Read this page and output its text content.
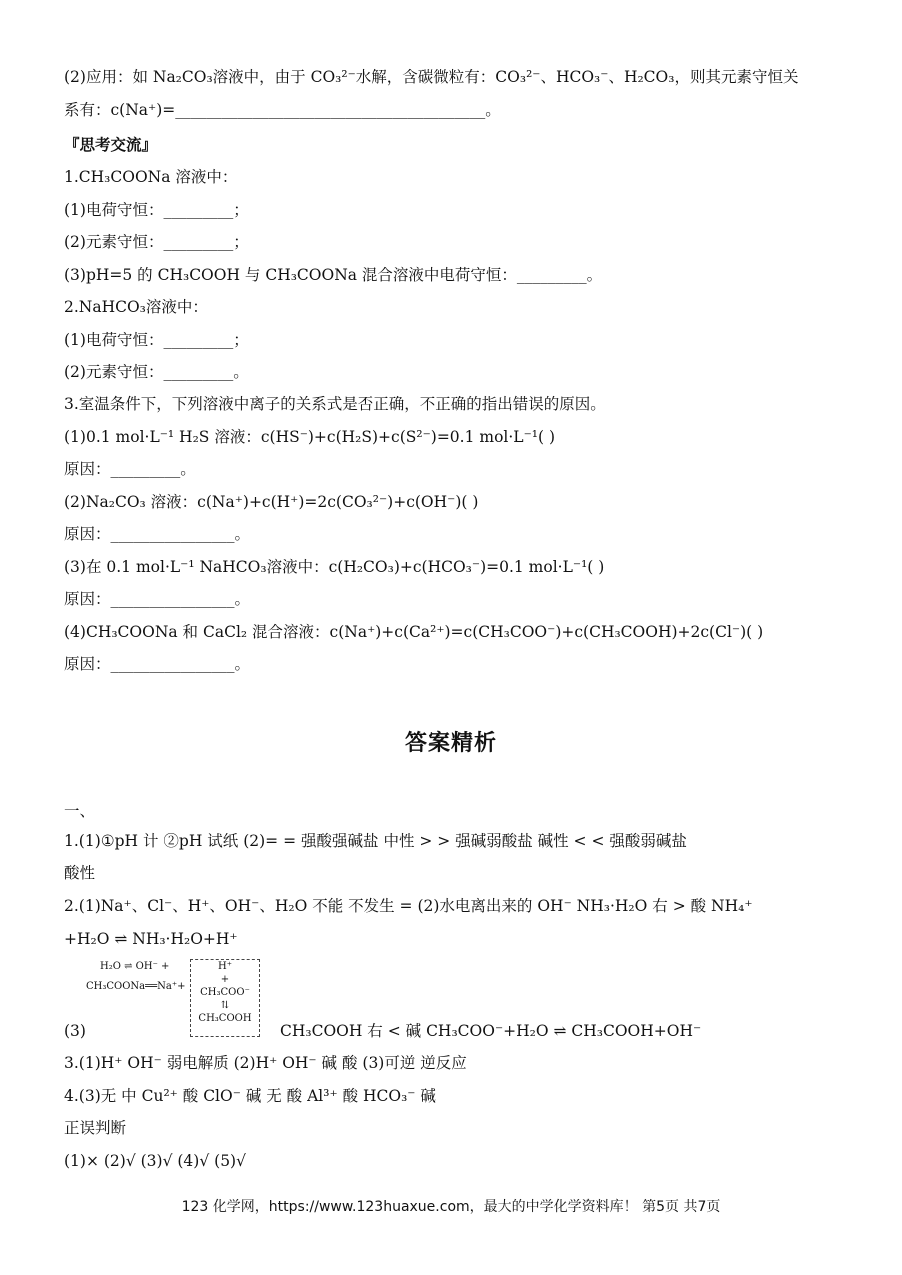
(2)应用：如 Na₂CO₃溶液中，由于 CO₃²⁻水解，含碳微粒有：CO₃²⁻、HCO₃⁻、H₂CO₃，则其元素守恒关
系有：c(Na⁺)=________________________________________。
『思考交流』
1.CH₃COONa 溶液中：
(1)电荷守恒：_________；
(2)元素守恒：_________；
(3)pH=5 的 CH₃COOH 与 CH₃COONa 混合溶液中电荷守恒：_________。
2.NaHCO₃溶液中：
(1)电荷守恒：_________；
(2)元素守恒：_________。
3.室温条件下，下列溶液中离子的关系式是否正确，不正确的指出错误的原因。
(1)0.1 mol·L⁻¹ H₂S 溶液：c(HS⁻)+c(H₂S)+c(S²⁻)=0.1 mol·L⁻¹( )
原因：_________。
(2)Na₂CO₃ 溶液：c(Na⁺)+c(H⁺)=2c(CO₃²⁻)+c(OH⁻)( )
原因：________________。
(3)在 0.1 mol·L⁻¹ NaHCO₃溶液中：c(H₂CO₃)+c(HCO₃⁻)=0.1 mol·L⁻¹( )
原因：________________。
(4)CH₃COONa 和 CaCl₂ 混合溶液：c(Na⁺)+c(Ca²⁺)=c(CH₃COO⁻)+c(CH₃COOH)+2c(Cl⁻)( )
原因：________________。
答案精析
一、
1.(1)①pH 计 ②pH 试纸 (2)= = 强酸强碱盐 中性 > > 强碱弱酸盐 碱性 < < 强酸弱碱盐
酸性
2.(1)Na⁺、Cl⁻、H⁺、OH⁻、H₂O 不能 不发生 = (2)水电离出来的 OH⁻ NH₃·H₂O 右 > 酸 NH₄⁺
+H₂O ⇌ NH₃·H₂O+H⁺
H₂O ⇌ OH⁻ +
CH₃COONa══Na⁺+
H⁺
+
CH₃COO⁻
⇅
CH₃COOH
(3)	CH₃COOH 右 < 碱 CH₃COO⁻+H₂O ⇌ CH₃COOH+OH⁻
3.(1)H⁺ OH⁻ 弱电解质 (2)H⁺ OH⁻ 碱 酸 (3)可逆 逆反应
4.(3)无 中 Cu²⁺ 酸 ClO⁻ 碱 无 酸 Al³⁺ 酸 HCO₃⁻ 碱
正误判断
(1)× (2)√ (3)√ (4)√ (5)√
123 化学网，https://www.123huaxue.com，最大的中学化学资料库！ 第5页 共7页
